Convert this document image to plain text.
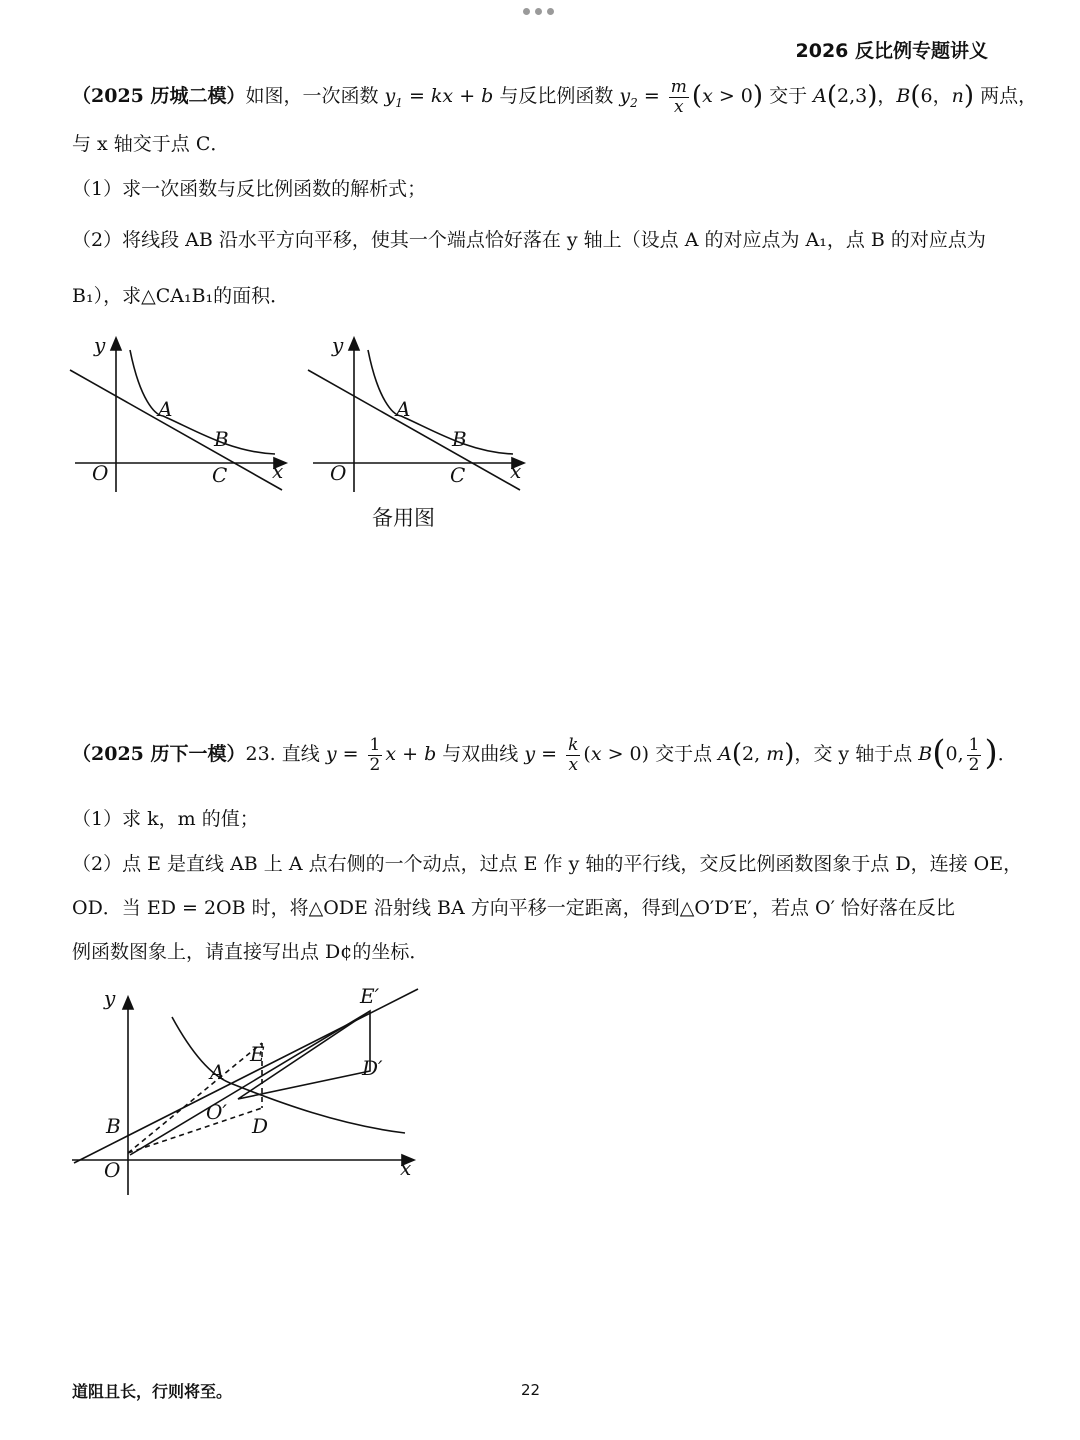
2026 反比例专题讲义
（2025 历城二模）如图，一次函数 $y_1$ = kx + b 与反比例函数 $y_2 = \frac{m}{x} (x > 0)$ 交于 A(2,3)，B(6，n) 两点，
与 x 轴交于点 C．
（1）求一次函数与反比例函数的解析式；
（2）将线段 AB 沿水平方向平移，使其一个端点恰好落在 y 轴上（设点 A 的对应点为 A₁，点 B 的对应点为
B₁），求△CA₁B₁的面积．
y
A
B
O	C x
y
A
B
O	C x
备用图
（2025 历下一模）23. 直线 $y = \frac{1}{2}$ x + b 与双曲线 $y = \frac{k}{x} (x > 0)$ 交于点 A(2, m)，交 y 轴于点 B(0, $\frac{1}{2}$ )．
（1）求 k，m 的值；
（2）点 E 是直线 AB 上 A 点右侧的一个动点，过点 E 作 y 轴的平行线，交反比例函数图象于点 D，连接 OE，
OD．当 ED = 2OB 时，将△ODE 沿射线 BA 方向平移一定距离，得到△O′D′E′，若点 O′ 恰好落在反比
例函数图象上，请直接写出点 D¢的坐标．
y	E′
E
A	D′
O′
B	D
O	x
道阻且长，行则将至。	22
